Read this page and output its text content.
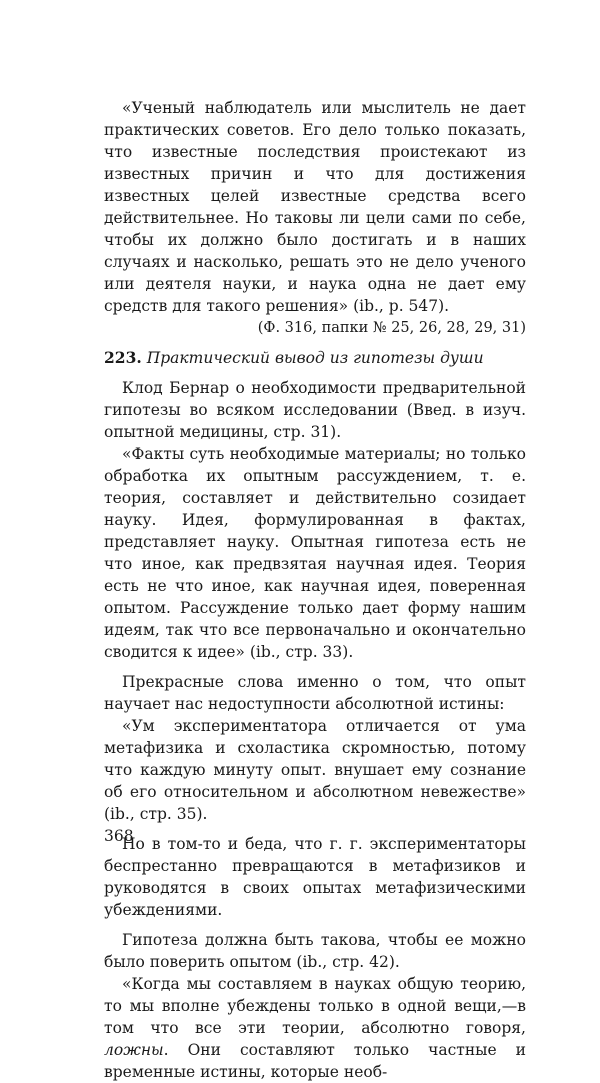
«Ученый наблюдатель или мыслитель не дает практических советов. Его дело только показать, что известные последствия проистекают из известных причин и что для достижения известных целей известные средства всего действительнее. Но таковы ли цели сами по себе, чтобы их должно было достигать и в наших случаях и насколько, решать это не дело ученого или деятеля науки, и наука одна не дает ему средств для такого решения» (ib., p. 547).

(Ф. 316, папки № 25, 26, 28, 29, 31)

223. Практический вывод из гипотезы души

Клод Бернар о необходимости предварительной гипотезы во всяком исследовании (Введ. в изуч. опытной медицины, стр. 31).

«Факты суть необходимые материалы; но только обработка их опытным рассуждением, т. е. теория, составляет и действительно созидает науку. Идея, формулированная в фактах, представляет науку. Опытная гипотеза есть не что иное, как предвзятая научная идея. Теория есть не что иное, как научная идея, поверенная опытом. Рассуждение только дает форму нашим идеям, так что все первоначально и окончательно сводится к идее» (ib., стр. 33).

Прекрасные слова именно о том, что опыт научает нас недоступности абсолютной истины:

«Ум экспериментатора отличается от ума метафизика и схоластика скромностью, потому что каждую минуту опыт. внушает ему сознание об его относительном и абсолютном невежестве» (ib., стр. 35).

Но в том-то и беда, что г. г. экспериментаторы беспрестанно превращаются в метафизиков и руководятся в своих опытах метафизическими убеждениями.

Гипотеза должна быть такова, чтобы ее можно было поверить опытом (ib., стр. 42).

«Когда мы составляем в науках общую теорию, то мы вполне убеждены только в одной вещи,—в том что все эти теории, абсолютно говоря, ложны. Они составляют только частные и временные истины, которые необ-

368
